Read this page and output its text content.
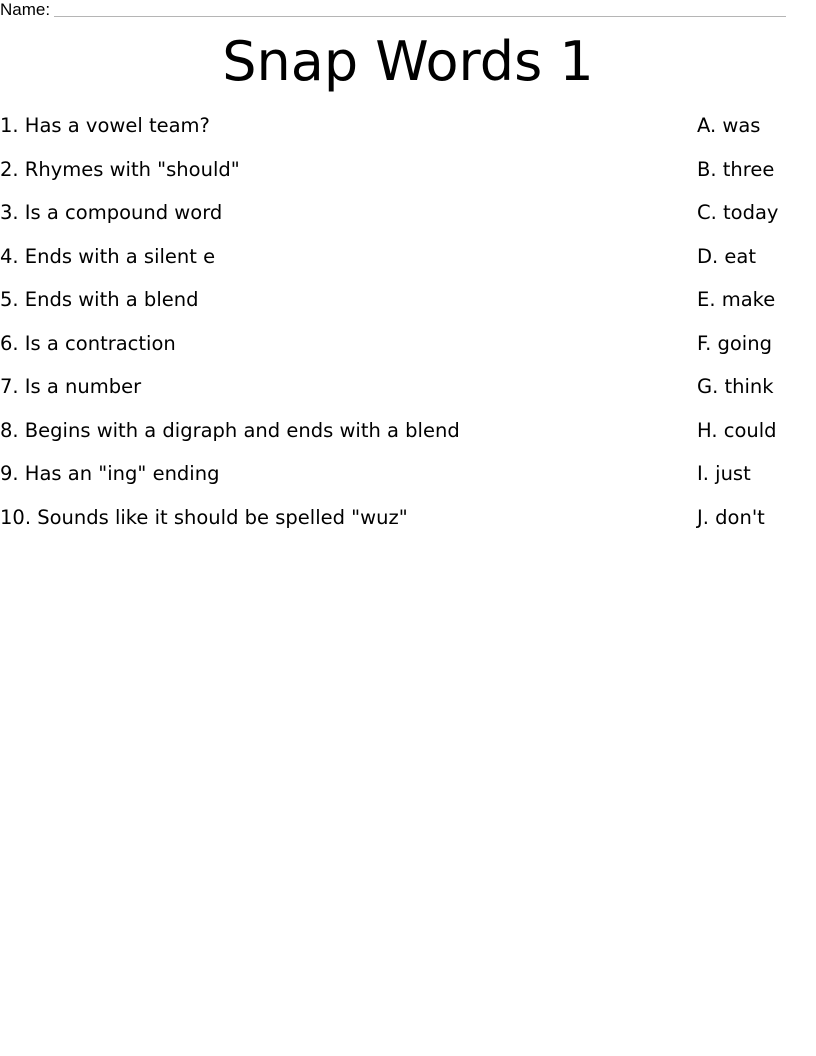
Name:
Snap Words 1
1. Has a vowel team?
2. Rhymes with "should"
3. Is a compound word
4. Ends with a silent e
5. Ends with a blend
6. Is a contraction
7. Is a number
8. Begins with a digraph and ends with a blend
9. Has an "ing" ending
10. Sounds like it should be spelled "wuz"
A. was
B. three
C. today
D. eat
E. make
F. going
G. think
H. could
I. just
J. don't
